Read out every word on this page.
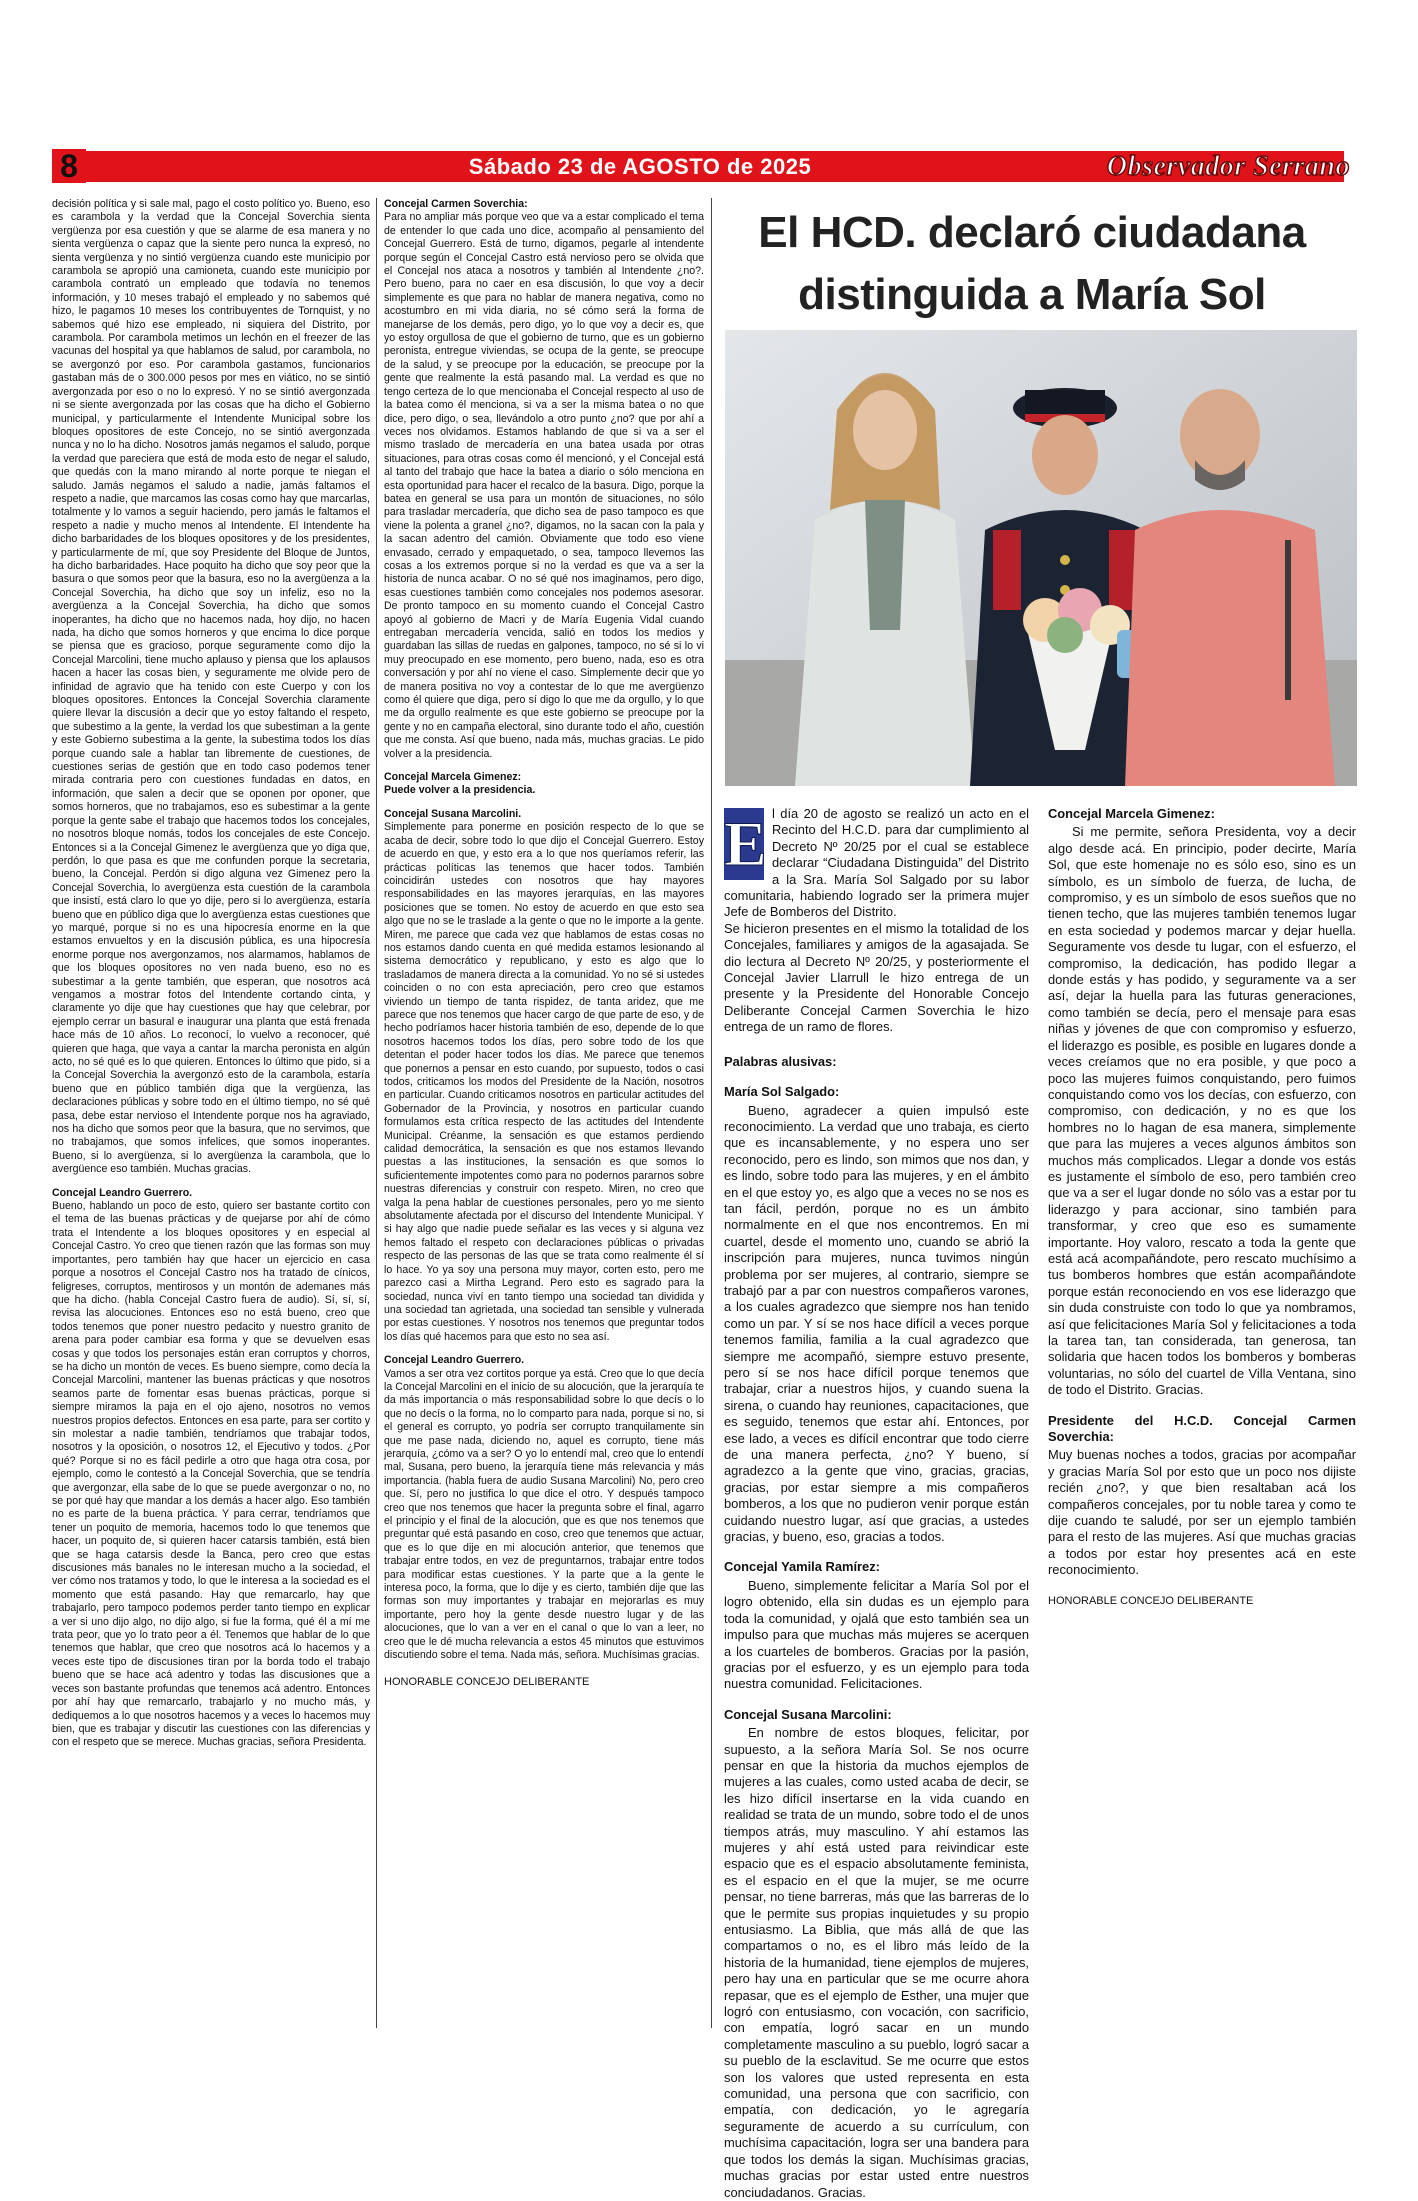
8	Sábado 23 de AGOSTO de 2025	Observador Serrano

decisión política y si sale mal, pago el costo político yo. Bueno, eso es carambola y la verdad que la Concejal Soverchia sienta vergüenza por esa cuestión y que se alarme de esa manera y no sienta vergüenza o capaz que la siente pero nunca la expresó, no sienta vergüenza y no sintió vergüenza cuando este municipio por carambola se apropió una camioneta, cuando este municipio por carambola contrató un empleado que todavía no tenemos información, y 10 meses trabajó el empleado y no sabemos qué hizo, le pagamos 10 meses los contribuyentes de Tornquist, y no sabemos qué hizo ese empleado, ni siquiera del Distrito, por carambola. Por carambola metimos un lechón en el freezer de las vacunas del hospital ya que hablamos de salud, por carambola, no se avergonzó por eso. Por carambola gastamos, funcionarios gastaban más de o 300.000 pesos por mes en viático, no se sintió avergonzada por eso o no lo expresó. Y no se sintió avergonzada ni se siente avergonzada por las cosas que ha dicho el Gobierno municipal, y particularmente el Intendente Municipal sobre los bloques opositores de este Concejo, no se sintió avergonzada nunca y no lo ha dicho. Nosotros jamás negamos el saludo, porque la verdad que pareciera que está de moda esto de negar el saludo, que quedás con la mano mirando al norte porque te niegan el saludo. Jamás negamos el saludo a nadie, jamás faltamos el respeto a nadie, que marcamos las cosas como hay que marcarlas, totalmente y lo vamos a seguir haciendo, pero jamás le faltamos el respeto a nadie y mucho menos al Intendente. El Intendente ha dicho barbaridades de los bloques opositores y de los presidentes, y particularmente de mí, que soy Presidente del Bloque de Juntos, ha dicho barbaridades. Hace poquito ha dicho que soy peor que la basura o que somos peor que la basura, eso no la avergüenza a la Concejal Soverchia, ha dicho que soy un infeliz, eso no la avergüenza a la Concejal Soverchia, ha dicho que somos inoperantes, ha dicho que no hacemos nada, hoy dijo, no hacen nada, ha dicho que somos horneros y que encima lo dice porque se piensa que es gracioso, porque seguramente como dijo la Concejal Marcolini, tiene mucho aplauso y piensa que los aplausos hacen a hacer las cosas bien, y seguramente me olvide pero de infinidad de agravio que ha tenido con este Cuerpo y con los bloques opositores. Entonces la Concejal Soverchia claramente quiere llevar la discusión a decir que yo estoy faltando el respeto, que subestimo a la gente, la verdad los que subestiman a la gente y este Gobierno subestima a la gente, la subestima todos los días porque cuando sale a hablar tan libremente de cuestiones, de cuestiones serias de gestión que en todo caso podemos tener mirada contraria pero con cuestiones fundadas en datos, en información, que salen a decir que se oponen por oponer, que somos horneros, que no trabajamos, eso es subestimar a la gente porque la gente sabe el trabajo que hacemos todos los concejales, no nosotros bloque nomás, todos los concejales de este Concejo. Entonces si a la Concejal Gimenez le avergüenza que yo diga que, perdón, lo que pasa es que me confunden porque la secretaria, bueno, la Concejal. Perdón si digo alguna vez Gimenez pero la Concejal Soverchia, lo avergüenza esta cuestión de la carambola que insistí, está claro lo que yo dije, pero si lo avergüenza, estaría bueno que en público diga que lo avergüenza estas cuestiones que yo marqué, porque si no es una hipocresía enorme en la que estamos envueltos y en la discusión pública, es una hipocresía enorme porque nos avergonzamos, nos alarmamos, hablamos de que los bloques opositores no ven nada bueno, eso no es subestimar a la gente también, que esperan, que nosotros acá vengamos a mostrar fotos del Intendente cortando cinta, y claramente yo dije que hay cuestiones que hay que celebrar, por ejemplo cerrar un basural e inaugurar una planta que está frenada hace más de 10 años. Lo reconocí, lo vuelvo a reconocer, qué quieren que haga, que vaya a cantar la marcha peronista en algún acto, no sé qué es lo que quieren. Entonces lo último que pido, si a la Concejal Soverchia la avergonzó esto de la carambola, estaría bueno que en público también diga que la vergüenza, las declaraciones públicas y sobre todo en el último tiempo, no sé qué pasa, debe estar nervioso el Intendente porque nos ha agraviado, nos ha dicho que somos peor que la basura, que no servimos, que no trabajamos, que somos infelices, que somos inoperantes. Bueno, si lo avergüenza, si lo avergüenza la carambola, que lo avergüence eso también. Muchas gracias.

Concejal Leandro Guerrero.

Bueno, hablando un poco de esto, quiero ser bastante cortito con el tema de las buenas prácticas y de quejarse por ahí de cómo trata el Intendente a los bloques opositores y en especial al Concejal Castro. Yo creo que tienen razón que las formas son muy importantes, pero también hay que hacer un ejercicio en casa porque a nosotros el Concejal Castro nos ha tratado de cínicos, feligreses, corruptos, mentirosos y un montón de ademanes más que ha dicho. (habla Concejal Castro fuera de audio). Sí, sí, sí, revisa las alocuciones. Entonces eso no está bueno, creo que todos tenemos que poner nuestro pedacito y nuestro granito de arena para poder cambiar esa forma y que se devuelven esas cosas y que todos los personajes están eran corruptos y chorros, se ha dicho un montón de veces. Es bueno siempre, como decía la Concejal Marcolini, mantener las buenas prácticas y que nosotros seamos parte de fomentar esas buenas prácticas, porque si siempre miramos la paja en el ojo ajeno, nosotros no vemos nuestros propios defectos. Entonces en esa parte, para ser cortito y sin molestar a nadie también, tendríamos que trabajar todos, nosotros y la oposición, o nosotros 12, el Ejecutivo y todos. ¿Por qué? Porque si no es fácil pedirle a otro que haga otra cosa, por ejemplo, como le contestó a la Concejal Soverchia, que se tendría que avergonzar, ella sabe de lo que se puede avergonzar o no, no se por qué hay que mandar a los demás a hacer algo. Eso también no es parte de la buena práctica. Y para cerrar, tendríamos que tener un poquito de memoria, hacemos todo lo que tenemos que hacer, un poquito de, si quieren hacer catarsis también, está bien que se haga catarsis desde la Banca, pero creo que estas discusiones más banales no le interesan mucho a la sociedad, el ver cómo nos tratamos y todo, lo que le interesa a la sociedad es el momento que está pasando. Hay que remarcarlo, hay que trabajarlo, pero tampoco podemos perder tanto tiempo en explicar a ver si uno dijo algo, no dijo algo, si fue la forma, qué él a mí me trata peor, que yo lo trato peor a él. Tenemos que hablar de lo que tenemos que hablar, que creo que nosotros acá lo hacemos y a veces este tipo de discusiones tiran por la borda todo el trabajo bueno que se hace acá adentro y todas las discusiones que a veces son bastante profundas que tenemos acá adentro. Entonces por ahí hay que remarcarlo, trabajarlo y no mucho más, y dediquemos a lo que nosotros hacemos y a veces lo hacemos muy bien, que es trabajar y discutir las cuestiones con las diferencias y con el respeto que se merece. Muchas gracias, señora Presidenta.

Concejal Carmen Soverchia:

Para no ampliar más porque veo que va a estar complicado el tema de entender lo que cada uno dice, acompaño al pensamiento del Concejal Guerrero. Está de turno, digamos, pegarle al intendente porque según el Concejal Castro está nervioso pero se olvida que el Concejal nos ataca a nosotros y también al Intendente ¿no?. Pero bueno, para no caer en esa discusión, lo que voy a decir simplemente es que para no hablar de manera negativa, como no acostumbro en mi vida diaria, no sé cómo será la forma de manejarse de los demás, pero digo, yo lo que voy a decir es, que yo estoy orgullosa de que el gobierno de turno, que es un gobierno peronista, entregue viviendas, se ocupa de la gente, se preocupe de la salud, y se preocupe por la educación, se preocupe por la gente que realmente la está pasando mal. La verdad es que no tengo certeza de lo que mencionaba el Concejal respecto al uso de la batea como él menciona, si va a ser la misma batea o no que dice, pero digo, o sea, llevándolo a otro punto ¿no? que por ahí a veces nos olvidamos. Estamos hablando de que si va a ser el mismo traslado de mercadería en una batea usada por otras situaciones, para otras cosas como él mencionó, y el Concejal está al tanto del trabajo que hace la batea a diario o sólo menciona en esta oportunidad para hacer el recalco de la basura. Digo, porque la batea en general se usa para un montón de situaciones, no sólo para trasladar mercadería, que dicho sea de paso tampoco es que viene la polenta a granel ¿no?, digamos, no la sacan con la pala y la sacan adentro del camión. Obviamente que todo eso viene envasado, cerrado y empaquetado, o sea, tampoco llevemos las cosas a los extremos porque si no la verdad es que va a ser la historia de nunca acabar. O no sé qué nos imaginamos, pero digo, esas cuestiones también como concejales nos podemos asesorar. De pronto tampoco en su momento cuando el Concejal Castro apoyó al gobierno de Macri y de María Eugenia Vidal cuando entregaban mercadería vencida, salió en todos los medios y guardaban las sillas de ruedas en galpones, tampoco, no sé si lo vi muy preocupado en ese momento, pero bueno, nada, eso es otra conversación y por ahí no viene el caso. Simplemente decir que yo de manera positiva no voy a contestar de lo que me avergüenzo como él quiere que diga, pero sí digo lo que me da orgullo, y lo que me da orgullo realmente es que este gobierno se preocupe por la gente y no en campaña electoral, sino durante todo el año, cuestión que me consta. Así que bueno, nada más, muchas gracias. Le pido volver a la presidencia.

Concejal Marcela Gimenez:

Puede volver a la presidencia.

Concejal Susana Marcolini.

Simplemente para ponerme en posición respecto de lo que se acaba de decir, sobre todo lo que dijo el Concejal Guerrero. Estoy de acuerdo en que, y esto era a lo que nos queríamos referir, las prácticas políticas las tenemos que hacer todos. También coincidirán ustedes con nosotros que hay mayores responsabilidades en las mayores jerarquías, en las mayores posiciones que se tomen. No estoy de acuerdo en que esto sea algo que no se le traslade a la gente o que no le importe a la gente. Miren, me parece que cada vez que hablamos de estas cosas no nos estamos dando cuenta en qué medida estamos lesionando al sistema democrático y republicano, y esto es algo que lo trasladamos de manera directa a la comunidad. Yo no sé si ustedes coinciden o no con esta apreciación, pero creo que estamos viviendo un tiempo de tanta rispidez, de tanta aridez, que me parece que nos tenemos que hacer cargo de que parte de eso, y de hecho podríamos hacer historia también de eso, depende de lo que nosotros hacemos todos los días, pero sobre todo de los que detentan el poder hacer todos los días. Me parece que tenemos que ponernos a pensar en esto cuando, por supuesto, todos o casi todos, criticamos los modos del Presidente de la Nación, nosotros en particular. Cuando criticamos nosotros en particular actitudes del Gobernador de la Provincia, y nosotros en particular cuando formulamos esta crítica respecto de las actitudes del Intendente Municipal. Créanme, la sensación es que estamos perdiendo calidad democrática, la sensación es que nos estamos llevando puestas a las instituciones, la sensación es que somos lo suficientemente impotentes como para no podernos pararnos sobre nuestras diferencias y construir con respeto. Miren, no creo que valga la pena hablar de cuestiones personales, pero yo me siento absolutamente afectada por el discurso del Intendente Municipal. Y si hay algo que nadie puede señalar es las veces y si alguna vez hemos faltado el respeto con declaraciones públicas o privadas respecto de las personas de las que se trata como realmente él sí lo hace. Yo ya soy una persona muy mayor, corten esto, pero me parezco casi a Mirtha Legrand. Pero esto es sagrado para la sociedad, nunca viví en tanto tiempo una sociedad tan dividida y una sociedad tan agrietada, una sociedad tan sensible y vulnerada por estas cuestiones. Y nosotros nos tenemos que preguntar todos los días qué hacemos para que esto no sea así.

Concejal Leandro Guerrero.

Vamos a ser otra vez cortitos porque ya está. Creo que lo que decía la Concejal Marcolini en el inicio de su alocución, que la jerarquía te da más importancia o más responsabilidad sobre lo que decís o lo que no decís o la forma, no lo comparto para nada, porque si no, si el general es corrupto, yo podría ser corrupto tranquilamente sin que me pase nada, diciendo no, aquel es corrupto, tiene más jerarquía, ¿cómo va a ser? O yo lo entendí mal, creo que lo entendí mal, Susana, pero bueno, la jerarquía tiene más relevancia y más importancia. (habla fuera de audio Susana Marcolini) No, pero creo que. Sí, pero no justifica lo que dice el otro. Y después tampoco creo que nos tenemos que hacer la pregunta sobre el final, agarro el principio y el final de la alocución, que es que nos tenemos que preguntar qué está pasando en coso, creo que tenemos que actuar, que es lo que dije en mi alocución anterior, que tenemos que trabajar entre todos, en vez de preguntarnos, trabajar entre todos para modificar estas cuestiones. Y la parte que a la gente le interesa poco, la forma, que lo dije y es cierto, también dije que las formas son muy importantes y trabajar en mejorarlas es muy importante, pero hoy la gente desde nuestro lugar y de las alocuciones, que lo van a ver en el canal o que lo van a leer, no creo que le dé mucha relevancia a estos 45 minutos que estuvimos discutiendo sobre el tema. Nada más, señora. Muchísimas gracias.

HONORABLE CONCEJO DELIBERANTE

El HCD. declaró ciudadana distinguida a María Sol
E l día 20 de agosto se realizó un acto en el Recinto del H.C.D. para dar cumplimiento al Decreto Nº 20/25 por el cual se establece declarar “Ciudadana Distinguida” del Distrito a la Sra. María Sol Salgado por su labor comunitaria, habiendo logrado ser la primera mujer Jefe de Bomberos del Distrito.

Se hicieron presentes en el mismo la totalidad de los Concejales, familiares y amigos de la agasajada. Se dio lectura al Decreto Nº 20/25, y posteriormente el Concejal Javier Llarrull le hizo entrega de un presente y la Presidente del Honorable Concejo Deliberante Concejal Carmen Soverchia le hizo entrega de un ramo de flores.

Palabras alusivas:
María Sol Salgado:

Bueno, agradecer a quien impulsó este reconocimiento. La verdad que uno trabaja, es cierto que es incansablemente, y no espera uno ser reconocido, pero es lindo, son mimos que nos dan, y es lindo, sobre todo para las mujeres, y en el ámbito en el que estoy yo, es algo que a veces no se nos es tan fácil, perdón, porque no es un ámbito normalmente en el que nos encontremos. En mi cuartel, desde el momento uno, cuando se abrió la inscripción para mujeres, nunca tuvimos ningún problema por ser mujeres, al contrario, siempre se trabajó par a par con nuestros compañeros varones, a los cuales agradezco que siempre nos han tenido como un par. Y sí se nos hace difícil a veces porque tenemos familia, familia a la cual agradezco que siempre me acompañó, siempre estuvo presente, pero sí se nos hace difícil porque tenemos que trabajar, criar a nuestros hijos, y cuando suena la sirena, o cuando hay reuniones, capacitaciones, que es seguido, tenemos que estar ahí. Entonces, por ese lado, a veces es difícil encontrar que todo cierre de una manera perfecta, ¿no? Y bueno, sí agradezco a la gente que vino, gracias, gracias, gracias, por estar siempre a mis compañeros bomberos, a los que no pudieron venir porque están cuidando nuestro lugar, así que gracias, a ustedes gracias, y bueno, eso, gracias a todos.

Concejal Yamila Ramírez:

Bueno, simplemente felicitar a María Sol por el logro obtenido, ella sin dudas es un ejemplo para toda la comunidad, y ojalá que esto también sea un impulso para que muchas más mujeres se acerquen a los cuarteles de bomberos. Gracias por la pasión, gracias por el esfuerzo, y es un ejemplo para toda nuestra comunidad. Felicitaciones.

Concejal Susana Marcolini:

En nombre de estos bloques, felicitar, por supuesto, a la señora María Sol. Se nos ocurre pensar en que la historia da muchos ejemplos de mujeres a las cuales, como usted acaba de decir, se les hizo difícil insertarse en la vida cuando en realidad se trata de un mundo, sobre todo el de unos tiempos atrás, muy masculino. Y ahí estamos las mujeres y ahí está usted para reivindicar este espacio que es el espacio absolutamente feminista, es el espacio en el que la mujer, se me ocurre pensar, no tiene barreras, más que las barreras de lo que le permite sus propias inquietudes y su propio entusiasmo. La Biblia, que más allá de que las compartamos o no, es el libro más leído de la historia de la humanidad, tiene ejemplos de mujeres, pero hay una en particular que se me ocurre ahora repasar, que es el ejemplo de Esther, una mujer que logró con entusiasmo, con vocación, con sacrificio, con empatía, logró sacar en un mundo completamente masculino a su pueblo, logró sacar a su pueblo de la esclavitud. Se me ocurre que estos son los valores que usted representa en esta comunidad, una persona que con sacrificio, con empatía, con dedicación, yo le agregaría seguramente de acuerdo a su currículum, con muchísima capacitación, logra ser una bandera para que todos los demás la sigan. Muchísimas gracias, muchas gracias por estar usted entre nuestros conciudadanos. Gracias.

Concejal Marcela Gimenez:

Si me permite, señora Presidenta, voy a decir algo desde acá. En principio, poder decirte, María Sol, que este homenaje no es sólo eso, sino es un símbolo, es un símbolo de fuerza, de lucha, de compromiso, y es un símbolo de esos sueños que no tienen techo, que las mujeres también tenemos lugar en esta sociedad y podemos marcar y dejar huella. Seguramente vos desde tu lugar, con el esfuerzo, el compromiso, la dedicación, has podido llegar a donde estás y has podido, y seguramente va a ser así, dejar la huella para las futuras generaciones, como también se decía, pero el mensaje para esas niñas y jóvenes de que con compromiso y esfuerzo, el liderazgo es posible, es posible en lugares donde a veces creíamos que no era posible, y que poco a poco las mujeres fuimos conquistando, pero fuimos conquistando como vos los decías, con esfuerzo, con compromiso, con dedicación, y no es que los hombres no lo hagan de esa manera, simplemente que para las mujeres a veces algunos ámbitos son muchos más complicados. Llegar a donde vos estás es justamente el símbolo de eso, pero también creo que va a ser el lugar donde no sólo vas a estar por tu liderazgo y para accionar, sino también para transformar, y creo que eso es sumamente importante. Hoy valoro, rescato a toda la gente que está acá acompañándote, pero rescato muchísimo a tus bomberos hombres que están acompañándote porque están reconociendo en vos ese liderazgo que sin duda construiste con todo lo que ya nombramos, así que felicitaciones María Sol y felicitaciones a toda la tarea tan, tan considerada, tan generosa, tan solidaria que hacen todos los bomberos y bomberas voluntarias, no sólo del cuartel de Villa Ventana, sino de todo el Distrito. Gracias.

Presidente del H.C.D. Concejal Carmen Soverchia:

Muy buenas noches a todos, gracias por acompañar y gracias María Sol por esto que un poco nos dijiste recién ¿no?, y que bien resaltaban acá los compañeros concejales, por tu noble tarea y como te dije cuando te saludé, por ser un ejemplo también para el resto de las mujeres. Así que muchas gracias a todos por estar hoy presentes acá en este reconocimiento.

HONORABLE CONCEJO DELIBERANTE
